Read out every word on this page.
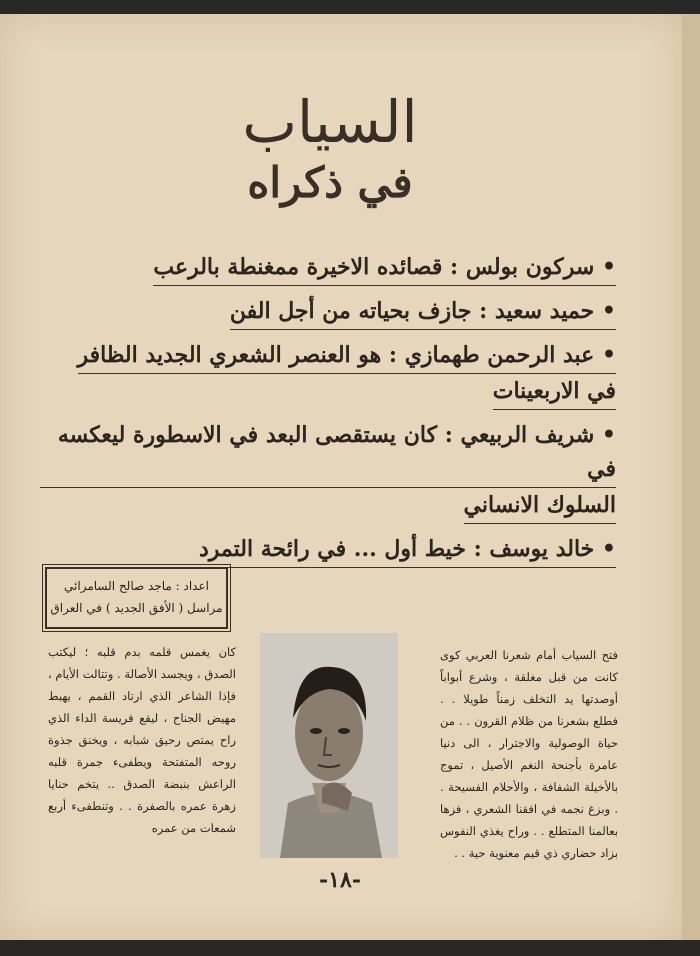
السياب
في ذكراه
• سركون بولس : قصائده الاخيرة ممغنطة بالرعب
• حميد سعيد : جازف بحياته من أجل الفن
• عبد الرحمن طهمازي : هو العنصر الشعري الجديد الظافر
في الاربعينات
• شريف الربيعي : كان يستقصى البعد في الاسطورة ليعكسه في
السلوك الانساني
• خالد يوسف : خيط أول ... في رائحة التمرد
اعداد : ماجد صالح السامرائي
مراسل ( الأفق الجديد ) في العراق
فتح السياب أمام شعرنا العربي كوى كانت من قبل مغلقة ، وشرع أبواباً أوصدتها يد التخلف زمناً طويلا . . فطلع بشعرنا من ظلام القرون . . من حياة الوصولية والاجترار ، الى دنيا عامرة بأجنحة النغم الأصيل ، تموج بالأخيلة الشفافة ، والأحلام الفسيحة . . وبزغ نجمه في افقنا الشعري ، فزها بعالمنا المتطلع . . وراح يغذي النفوس بزاد حضاري ذي قيم معنوية حية . .
كان يغمس قلمه بدم قلبه ؛ ليكتب الصدق ، ويجسد الأصالة . وتتالت الأيام ، فإذا الشاعر الذي ارتاد القمم ، يهبط مهيض الجناح ، ليقع فريسة الداء الذي راح يمتص رحيق شبابه ، ويخنق جذوة روحه المتفتحة ويطفىء جمرة قلبه الراعش بنبضة الصدق .. يتخم حنايا زهرة عمره بالصفرة . . وتنطفىء أربع شمعات من عمره
-١٨-
